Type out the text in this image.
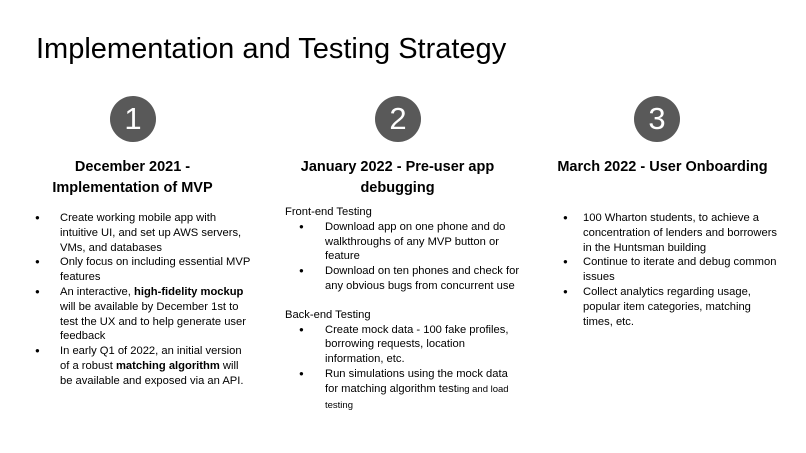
Implementation and Testing Strategy
1
December 2021 -
Implementation of MVP
● Create working mobile app with intuitive UI, and set up AWS servers, VMs, and databases
● Only focus on including essential MVP features
● An interactive, high-fidelity mockup will be available by December 1st to test the UX and to help generate user feedback
● In early Q1 of 2022, an initial version of a robust matching algorithm will be available and exposed via an API.
2
January 2022 - Pre-user app
debugging
Front-end Testing
● Download app on one phone and do walkthroughs of any MVP button or feature
● Download on ten phones and check for any obvious bugs from concurrent use
Back-end Testing
● Create mock data - 100 fake profiles, borrowing requests, location information, etc.
● Run simulations using the mock data for matching algorithm testing and load testing
3
March 2022 - User Onboarding
● 100 Wharton students, to achieve a concentration of lenders and borrowers in the Huntsman building
● Continue to iterate and debug common issues
● Collect analytics regarding usage, popular item categories, matching times, etc.
